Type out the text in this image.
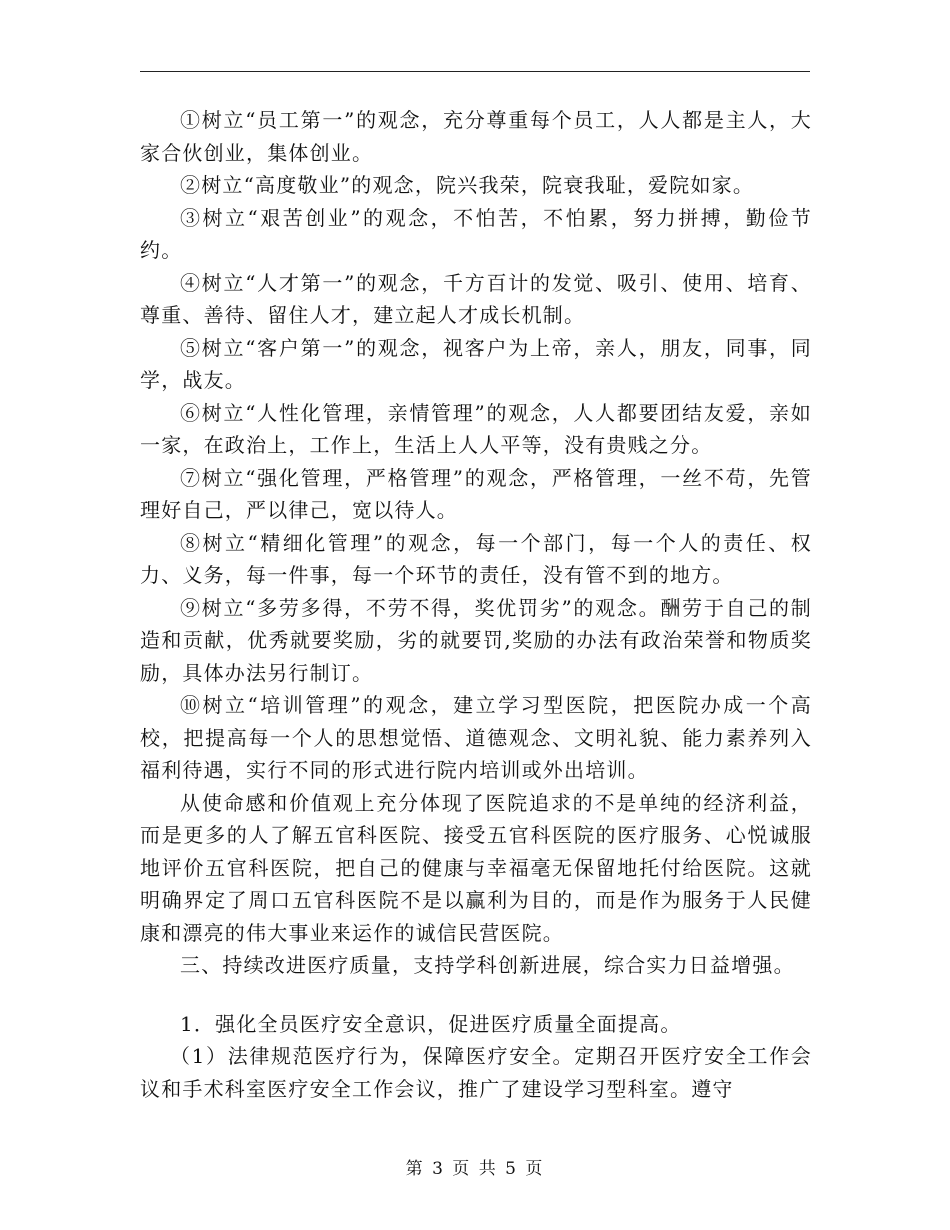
①树立“员工第一”的观念，充分尊重每个员工，人人都是主人，大家合伙创业，集体创业。

②树立“高度敬业”的观念，院兴我荣，院衰我耻，爱院如家。

③树立“艰苦创业”的观念，不怕苦，不怕累，努力拼搏，勤俭节约。

④树立“人才第一”的观念，千方百计的发觉、吸引、使用、培育、尊重、善待、留住人才，建立起人才成长机制。

⑤树立“客户第一”的观念，视客户为上帝，亲人，朋友，同事，同学，战友。

⑥树立“人性化管理，亲情管理”的观念，人人都要团结友爱，亲如一家，在政治上，工作上，生活上人人平等，没有贵贱之分。

⑦树立“强化管理，严格管理”的观念，严格管理，一丝不苟，先管理好自己，严以律己，宽以待人。

⑧树立“精细化管理”的观念，每一个部门，每一个人的责任、权力、义务，每一件事，每一个环节的责任，没有管不到的地方。

⑨树立“多劳多得，不劳不得，奖优罚劣”的观念。酬劳于自己的制造和贡献，优秀就要奖励，劣的就要罚,奖励的办法有政治荣誉和物质奖励，具体办法另行制订。

⑩树立“培训管理”的观念，建立学习型医院，把医院办成一个高校，把提高每一个人的思想觉悟、道德观念、文明礼貌、能力素养列入福利待遇，实行不同的形式进行院内培训或外出培训。

从使命感和价值观上充分体现了医院追求的不是单纯的经济利益，而是更多的人了解五官科医院、接受五官科医院的医疗服务、心悦诚服地评价五官科医院，把自己的健康与幸福毫无保留地托付给医院。这就明确界定了周口五官科医院不是以赢利为目的，而是作为服务于人民健康和漂亮的伟大事业来运作的诚信民营医院。

三、持续改进医疗质量，支持学科创新进展，综合实力日益增强。

1．强化全员医疗安全意识，促进医疗质量全面提高。

（1）法律规范医疗行为，保障医疗安全。定期召开医疗安全工作会议和手术科室医疗安全工作会议，推广了建设学习型科室。遵守

第 3 页 共 5 页
